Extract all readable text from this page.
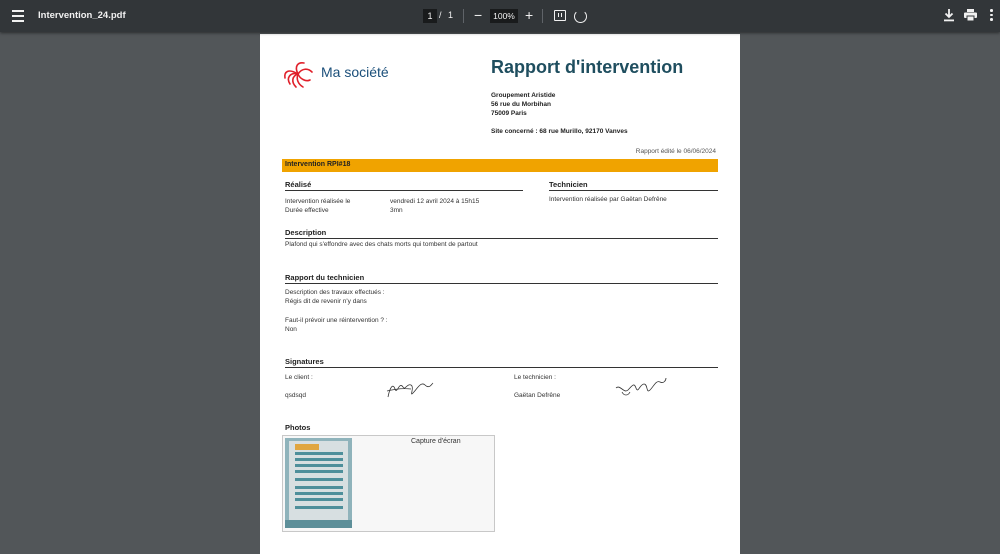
Intervention_24.pdf	1 / 1 −	100% +
Ma société	Rapport d'intervention
Groupement Aristide
56 rue du Morbihan
75009 Paris
Site concerné : 68 rue Murillo, 92170 Vanves
Rapport édité le 06/06/2024
Intervention RPI#18
Réalisé
Intervention réalisée le	vendredi 12 avril 2024 à 15h15
Durée effective	3mn
Technicien
Intervention réalisée par Gaëtan Defrêne
Description
Plafond qui s'effondre avec des chats morts qui tombent de partout
Rapport du technicien
Description des travaux effectués :
Régis dit de revenir n'y dans
Faut-il prévoir une réintervention ? :
Non
Signatures
Le client :
qsdsqd
Le technicien :
Gaëtan Defrêne
Photos
Capture d'écran
